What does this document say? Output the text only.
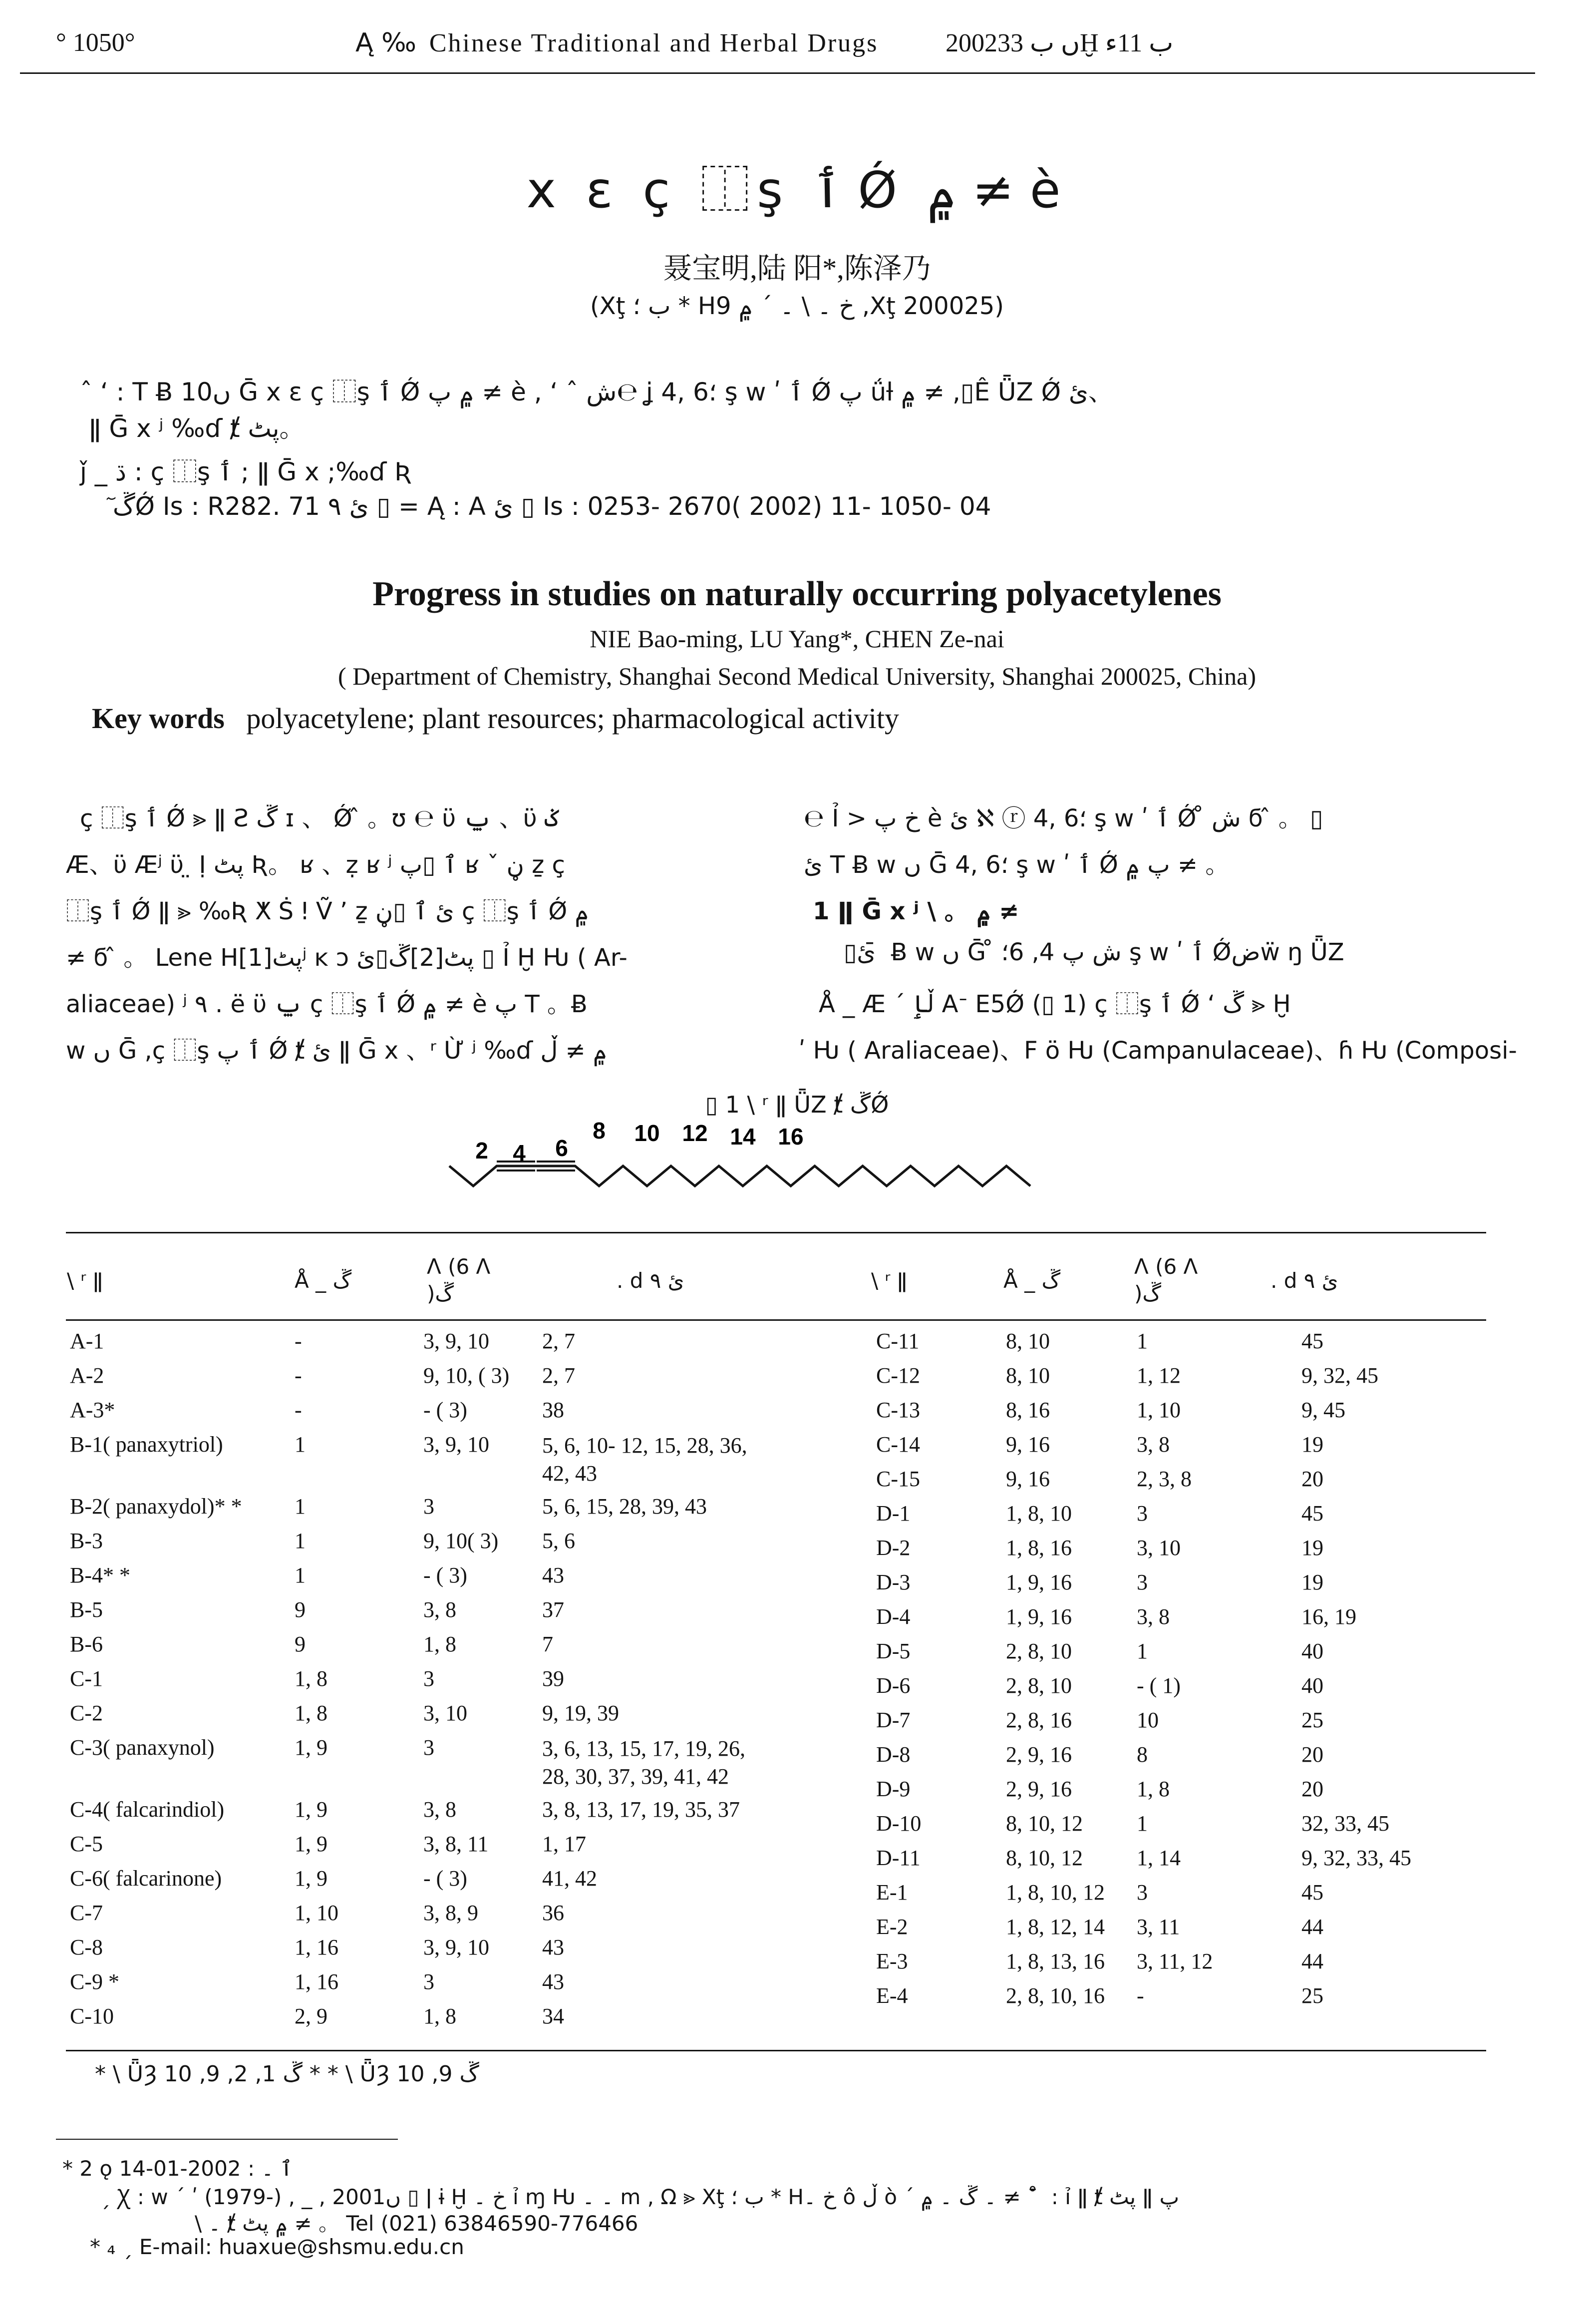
° 1050°	Ą ‰ Chinese Traditional and Herbal Drugs	2002ں ب 33Ḫ ب 11ء
x ε ç ⿰ş ٲ Ǿ ۾ ≠ è
聂宝明,陆 阳*,陈泽乃
(Xţ ب ؛ * Hخ ۔ \ ۔ ´ ۾ 9 ,Xţ 200025)
ˆ ʻ : T Ƀ 10ں Ḡ x ε ç ⿰ş ٲ Ǿ ۾ پ ≠ è , ʻ ˆ ش℮ ʝ 4, 6؛ ş w ʹ ٲ Ǿ پ ǘƚ ۾ ≠ ,▯Ê ǕZ Ǿ ئ、
ǁ Ḡ x ʲ ‰ɗ ⱦ پٹ。
ǰ _ ڌ : ç ⿰ş ٲ ; ǁ Ḡ x ;‰ɗ Ʀ
ٓ ڱǾ Is : R282. 71 ئ ٩ ▯ = Ą : A ئ ▯ Is : 0253- 2670( 2002) 11- 1050- 04
Progress in studies on naturally occurring polyacetylenes
NIE Bao-ming, LU Yang*, CHEN Ze-nai
( Department of Chemistry, Shanghai Second Medical University, Shanghai 200025, China)
Key words polyacetylene; plant resources; pharmacological activity
ç ⿰ş ٲ Ǿ ⪢ ǁ Ƨ ڱ ɪ 、 Ǿ ̂ 。ʊ ℮ ϋ ݐ 、ϋ ݢ
Æ、ϋ Æʲ ϋ ̤ Ị پٹ Ʀ。 ʁ 、ẓ ʁ ʲ ٱ ▯پ ʁ ˇ ڼ ẕ ç
⿰ş ٲ Ǿ ǁ ⪢ ‰Ʀ ⵅ Ṡ ǃ Ṽ ʼ ẕ ئ ٱ ▯ڼ ç ⿰ş ٲ Ǿ ۾
≠ ϭ ̂ 。 Lene Hپٹ[1]ʲ ĸ ɔ پٹ[2]ڱ▯ئ ▯ Ỉ Ḫ Ƕ ( Ar-
aliaceae) ʲ ٩ . ë ϋ ݐ ç ⿰ş ٲ Ǿ ۾ ≠ è پ T 。Ƀ
w ں Ḡ ,ç ⿰ş ٲ پ Ǿ ⱦ ئ ǁ Ḡ x 、ʳ Ừ ʲ ‰ɗ ۾ ≠ ڵ
℮ Ỉ > خ پ è ئ ℵ ⓡ 4, 6؛ ş w ʹ ٲ Ǿ ̊ ش ϭ ̂ 。 ▯
ئ T Ƀ w ں Ḡ 4, 6؛ ş w ʹ ٲ Ǿ پ ۾ ≠ 。
1 ǁ Ḡ x ʲ \ 。 ۾ ≠
▯ئ ̄ Ƀ w ں Ḡ ̊ ش پ 4, 6؛ ş w ʹ ٲ Ǿضẅ ŋ ǕZ
Å _ Æ ˊ ڵٳ Aᐨ E5Ǿ (▯ 1) ç ⿰ş ٲ Ǿ ʻ ڱ ⪢ Ḫ
ʹ Ƕ ( Araliaceae)、F ö Ƕ (Campanulaceae)、ɦ Ƕ (Composi-
▯ 1 \ ʳ ǁ ǕZ ⱦ ڱǾ
2 4 6
8 10 12 14 16
\ ʳ ǁ	Å _ ڱ
ᐱ (6 ᐱ )ڱ
. d ئ ٩	\ ʳ ǁ	Å _ ڱ
ᐱ (6 ᐱ )ڱ
. d ئ ٩
A-1	-	3, 9, 10	2, 7
A-2	-	9, 10, ( 3)	2, 7
A-3*	-	- ( 3)	38
B-1( panaxytriol)	1	3, 9, 10	5, 6, 10- 12, 15, 28, 36,
42, 43
B-2( panaxydol)* *	1	3	5, 6, 15, 28, 39, 43
B-3	1	9, 10( 3)	5, 6
B-4* *	1	- ( 3)	43
B-5	9	3, 8	37
B-6	9	1, 8	7
C-1	1, 8	3	39
C-2	1, 8	3, 10	9, 19, 39
C-3( panaxynol)	1, 9	3	3, 6, 13, 15, 17, 19, 26,
28, 30, 37, 39, 41, 42
C-4( falcarindiol)	1, 9	3, 8	3, 8, 13, 17, 19, 35, 37
C-5	1, 9	3, 8, 11	1, 17
C-6( falcarinone)	1, 9	- ( 3)	41, 42
C-7	1, 10	3, 8, 9	36
C-8	1, 16	3, 9, 10	43
C-9 *	1, 16	3	43
C-10	2, 9	1, 8	34
C-11	8, 10	1	45
C-12	8, 10	1, 12	9, 32, 45
C-13	8, 16	1, 10	9, 45
C-14	9, 16	3, 8	19
C-15	9, 16	2, 3, 8	20
D-1	1, 8, 10	3	45
D-2	1, 8, 16	3, 10	19
D-3	1, 9, 16	3	19
D-4	1, 9, 16	3, 8	16, 19
D-5	2, 8, 10	1	40
D-6	2, 8, 10	- ( 1)	40
D-7	2, 8, 16	10	25
D-8	2, 9, 16	8	20
D-9	2, 9, 16	1, 8	20
D-10	8, 10, 12	1	32, 33, 45
D-11	8, 10, 12	1, 14	9, 32, 33, 45
E-1	1, 8, 10, 12	3	45
E-2	1, 8, 12, 14	3, 11	44
E-3	1, 8, 13, 16	3, 11, 12	44
E-4	2, 8, 10, 16	-	25
* \ ǕȜ ڱ 1, 2, 9, 10 * * \ ǕȜ ڱ 9, 10
* 2 ǫ ٱ ۔ : 2002-01-14
ˏ Ꭓ : w ˊ ʹ (1979-) , _ , 2001ں ▯ ǀ ɨ Ḫ خ ۔ ỉ ɱ Ƕ ۔ ۔ m , Ω ⪢ Xţ ب ؛ * Hخ ۔ ô ڵ ò ˊ ۔ ڱ ۔ ۾ ≠ ˚ ̄ : ỉ ǁ ⱦ پٹ ǁ پ
\ ۔ ⱦ ۾ پٹ ≠ 。 Tel (021) 63846590-776466
* ₄ ˏ E-mail: huaxue@shsmu.edu.cn
